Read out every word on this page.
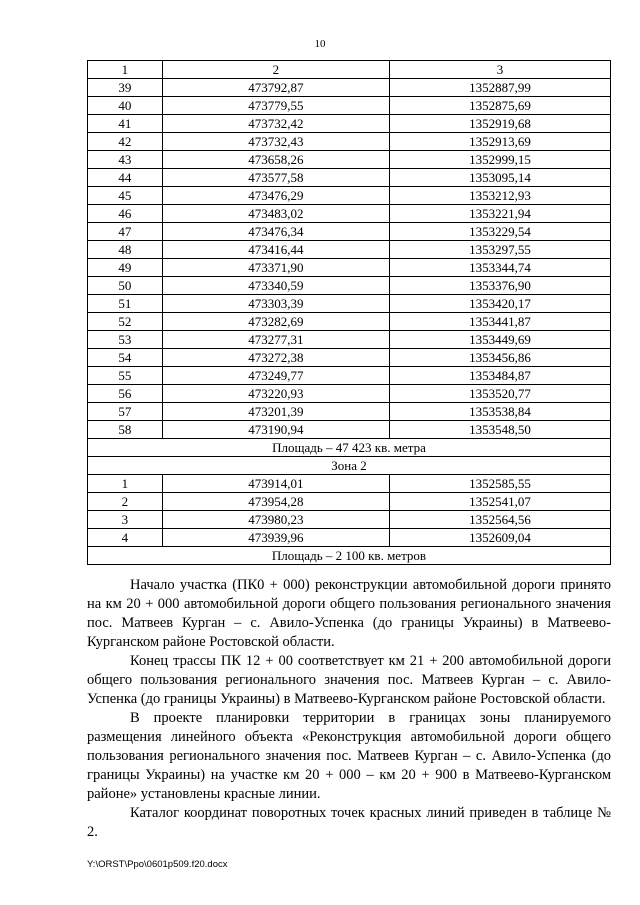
10
1	2	3
39	473792,87	1352887,99
40	473779,55	1352875,69
41	473732,42	1352919,68
42	473732,43	1352913,69
43	473658,26	1352999,15
44	473577,58	1353095,14
45	473476,29	1353212,93
46	473483,02	1353221,94
47	473476,34	1353229,54
48	473416,44	1353297,55
49	473371,90	1353344,74
50	473340,59	1353376,90
51	473303,39	1353420,17
52	473282,69	1353441,87
53	473277,31	1353449,69
54	473272,38	1353456,86
55	473249,77	1353484,87
56	473220,93	1353520,77
57	473201,39	1353538,84
58	473190,94	1353548,50
Площадь – 47 423 кв. метра		
Зона 2		
1	473914,01	1352585,55
2	473954,28	1352541,07
3	473980,23	1352564,56
4	473939,96	1352609,04
Площадь – 2 100 кв. метров		

Начало участка (ПК0 + 000) реконструкции автомобильной дороги принято на км 20 + 000 автомобильной дороги общего пользования регионального значения пос. Матвеев Курган – с. Авило-Успенка (до границы Украины) в Матвеево-Курганском районе Ростовской области.

Конец трассы ПК 12 + 00 соответствует км 21 + 200 автомобильной дороги общего пользования регионального значения пос. Матвеев Курган – с. Авило-Успенка (до границы Украины) в Матвеево-Курганском районе Ростовской области.

В проекте планировки территории в границах зоны планируемого размещения линейного объекта «Реконструкция автомобильной дороги общего пользования регионального значения пос. Матвеев Курган – с. Авило-Успенка (до границы Украины) на участке км 20 + 000 – км 20 + 900 в Матвеево-Курганском районе» установлены красные линии.

Каталог координат поворотных точек красных линий приведен в таблице № 2.

Y:\ORST\Ppo\0601p509.f20.docx
